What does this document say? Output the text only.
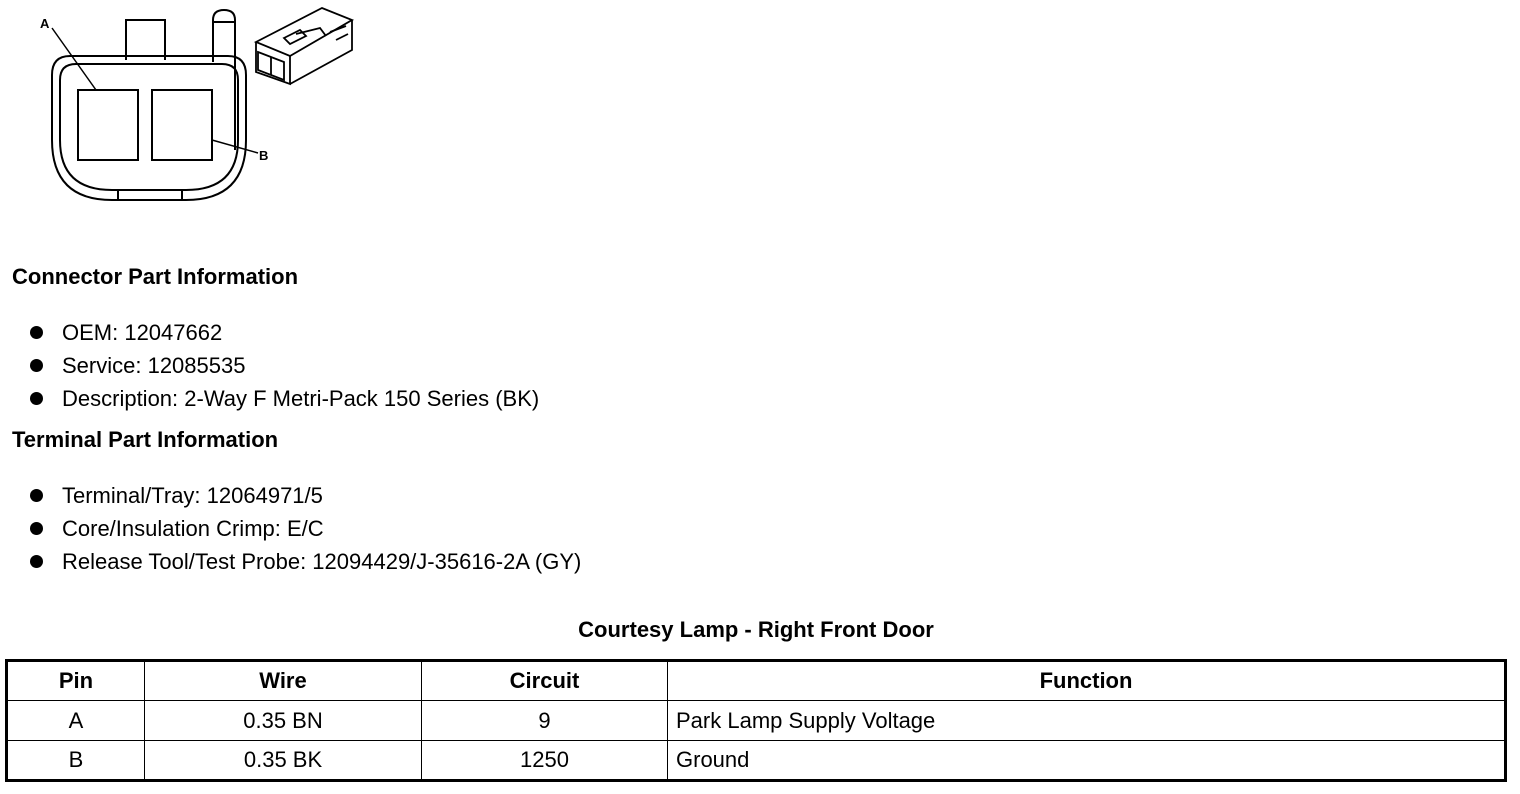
A
B
Connector Part Information
OEM: 12047662
Service: 12085535
Description: 2-Way F Metri-Pack 150 Series (BK)
Terminal Part Information
Terminal/Tray: 12064971/5
Core/Insulation Crimp: E/C
Release Tool/Test Probe: 12094429/J-35616-2A (GY)
Courtesy Lamp - Right Front Door
Pin	Wire	Circuit	Function
A	0.35 BN	9	Park Lamp Supply Voltage
B	0.35 BK	1250	Ground
